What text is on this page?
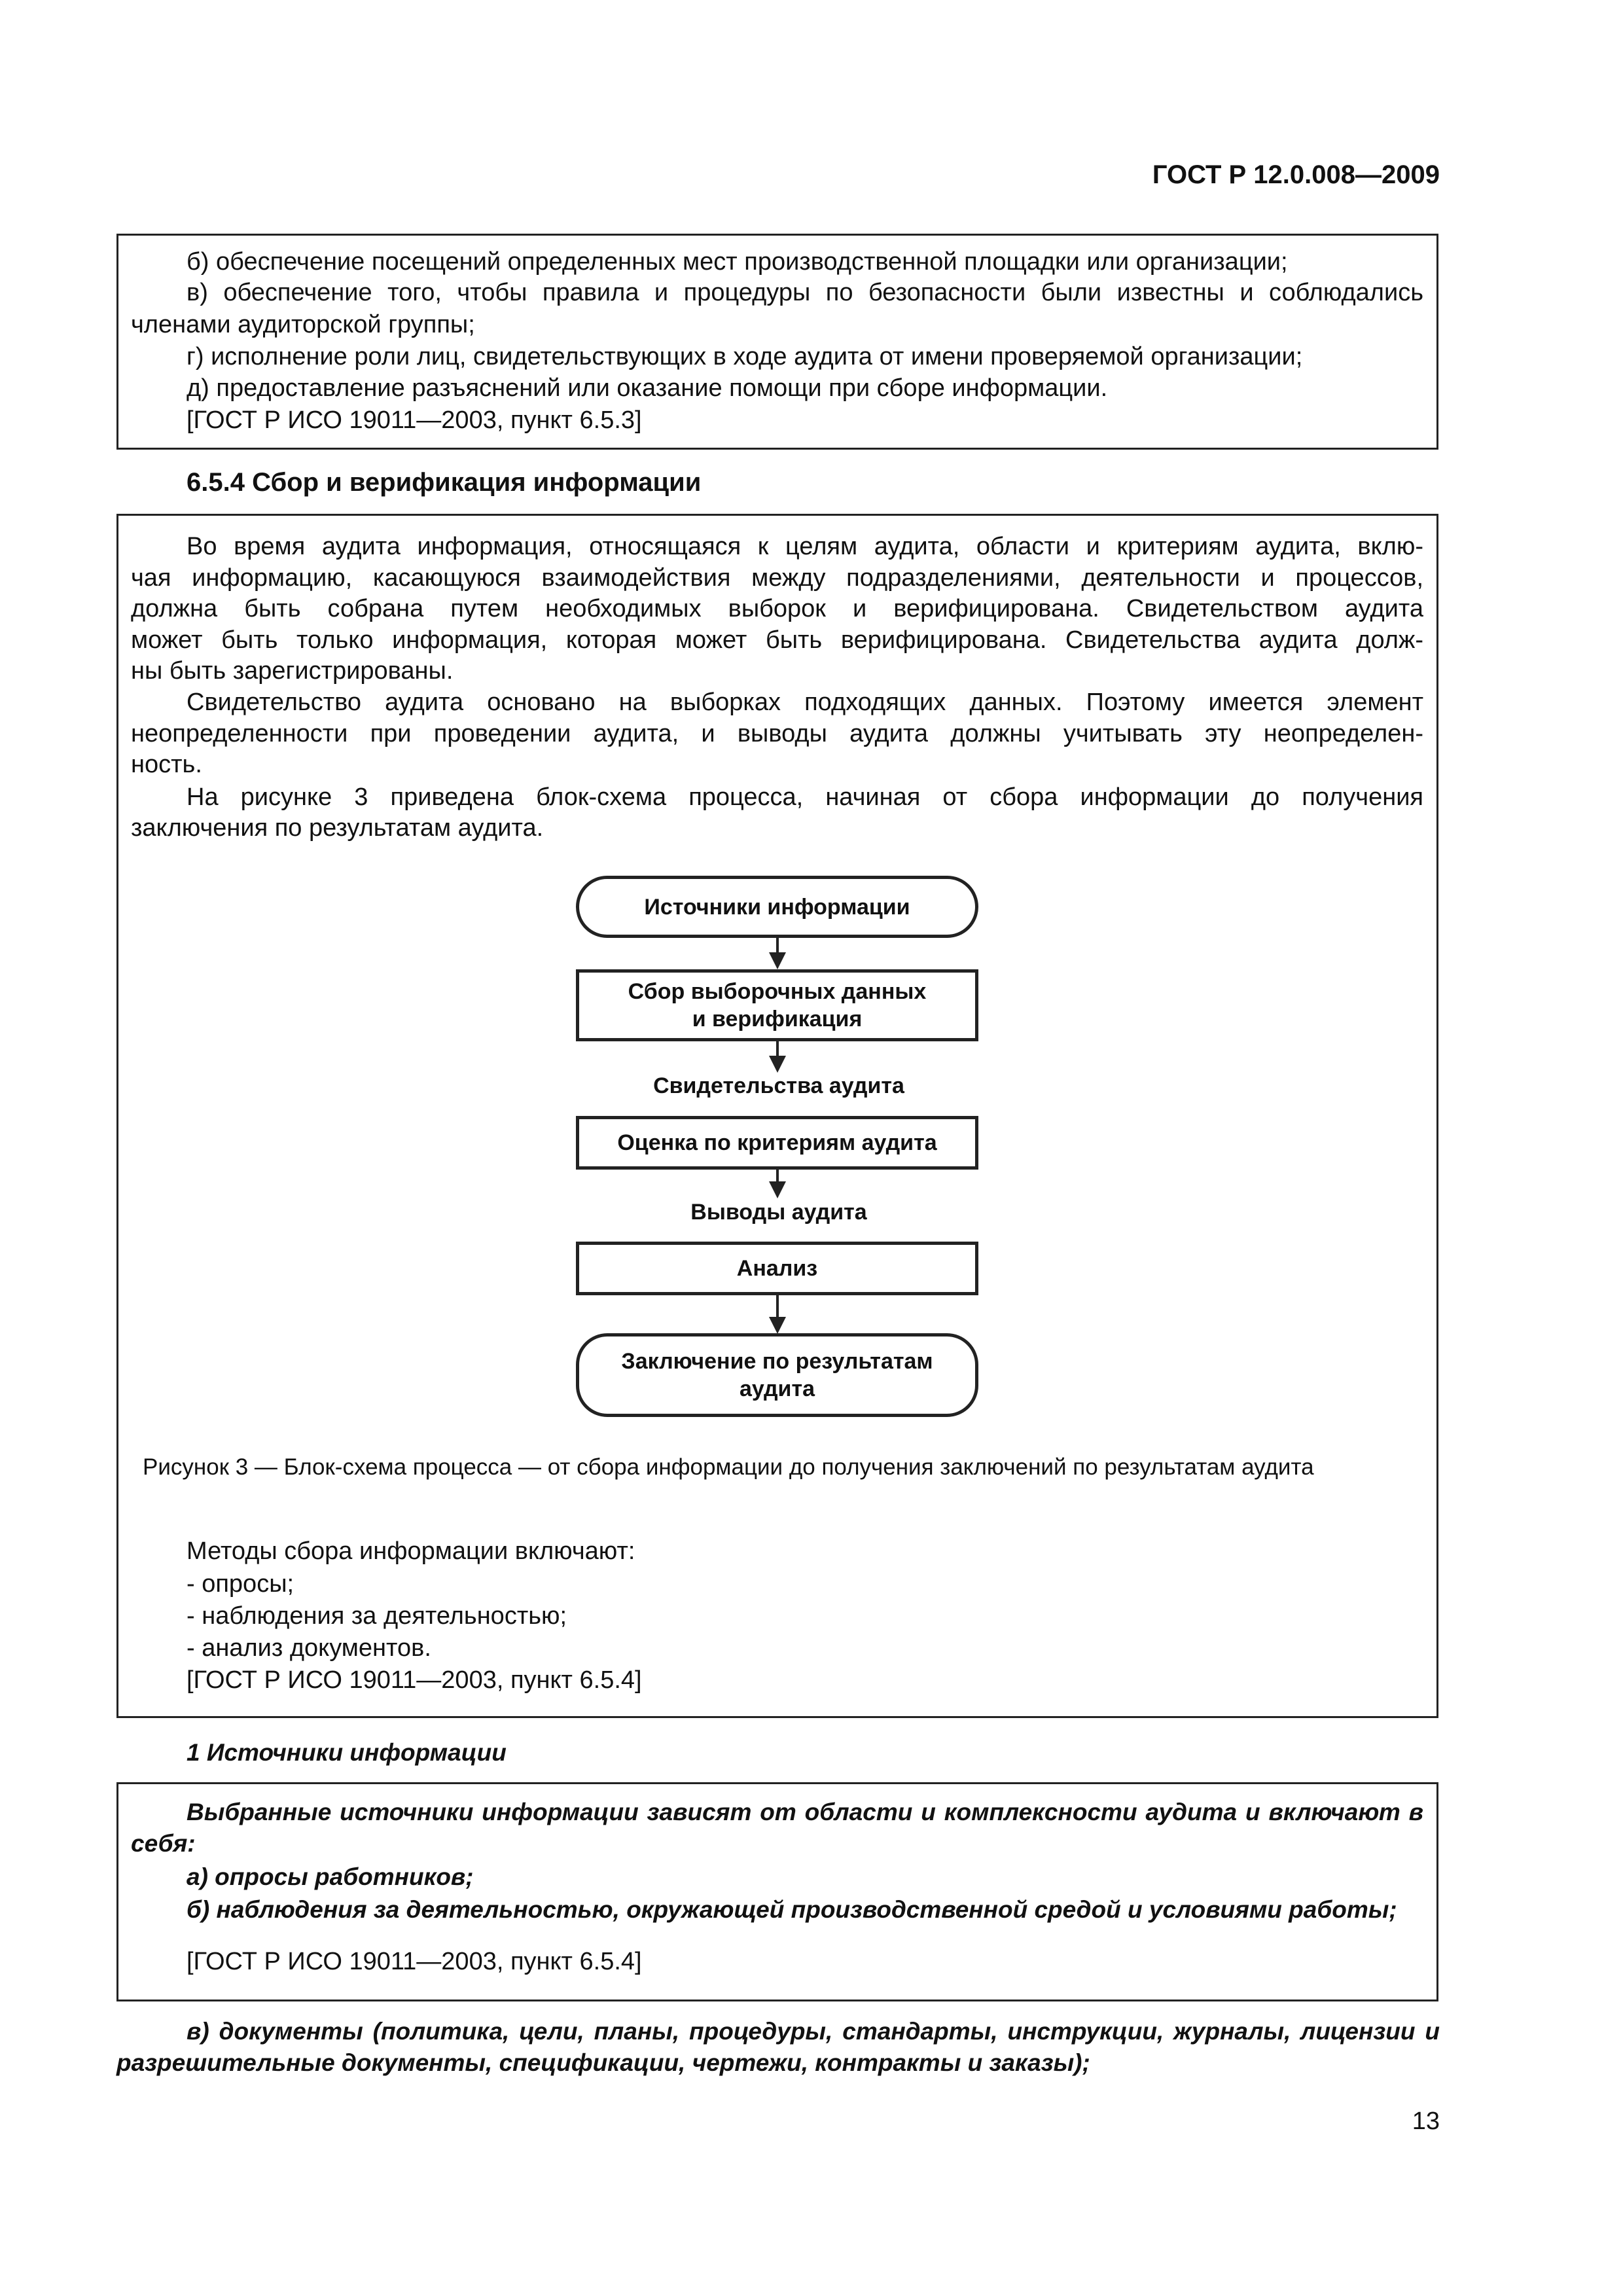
ГОСТ Р 12.0.008—2009
б) обеспечение посещений определенных мест производственной площадки или организации;
в) обеспечение того, чтобы правила и процедуры по безопасности были известны и соблюдались
членами аудиторской группы;
г) исполнение роли лиц, свидетельствующих в ходе аудита от имени проверяемой организации;
д) предоставление разъяснений или оказание помощи при сборе информации.
[ГОСТ Р ИСО 19011—2003, пункт 6.5.3]
6.5.4 Сбор и верификация информации
Во время аудита информация, относящаяся к целям аудита, области и критериям аудита, вклю-
чая информацию, касающуюся взаимодействия между подразделениями, деятельности и процессов,
должна быть собрана путем необходимых выборок и верифицирована. Свидетельством аудита
может быть только информация, которая может быть верифицирована. Свидетельства аудита долж-
ны быть зарегистрированы.
Свидетельство аудита основано на выборках подходящих данных. Поэтому имеется элемент
неопределенности при проведении аудита, и выводы аудита должны учитывать эту неопределен-
ность.
На рисунке 3 приведена блок-схема процесса, начиная от сбора информации до получения
заключения по результатам аудита.
Источники информации
Сбор выборочных данных
и верификация
Свидетельства аудита
Оценка по критериям аудита
Выводы аудита
Анализ
Заключение по результатам
аудита
Рисунок 3 — Блок-схема процесса — от сбора информации до получения заключений по результатам аудита
Методы сбора информации включают:
- опросы;
- наблюдения за деятельностью;
- анализ документов.
[ГОСТ Р ИСО 19011—2003, пункт 6.5.4]
1 Источники информации
Выбранные источники информации зависят от области и комплексности аудита и включают в
себя:
а) опросы работников;
б) наблюдения за деятельностью, окружающей производственной средой и условиями работы;
[ГОСТ Р ИСО 19011—2003, пункт 6.5.4]
в) документы (политика, цели, планы, процедуры, стандарты, инструкции, журналы, лицензии и
разрешительные документы, спецификации, чертежи, контракты и заказы);
13
